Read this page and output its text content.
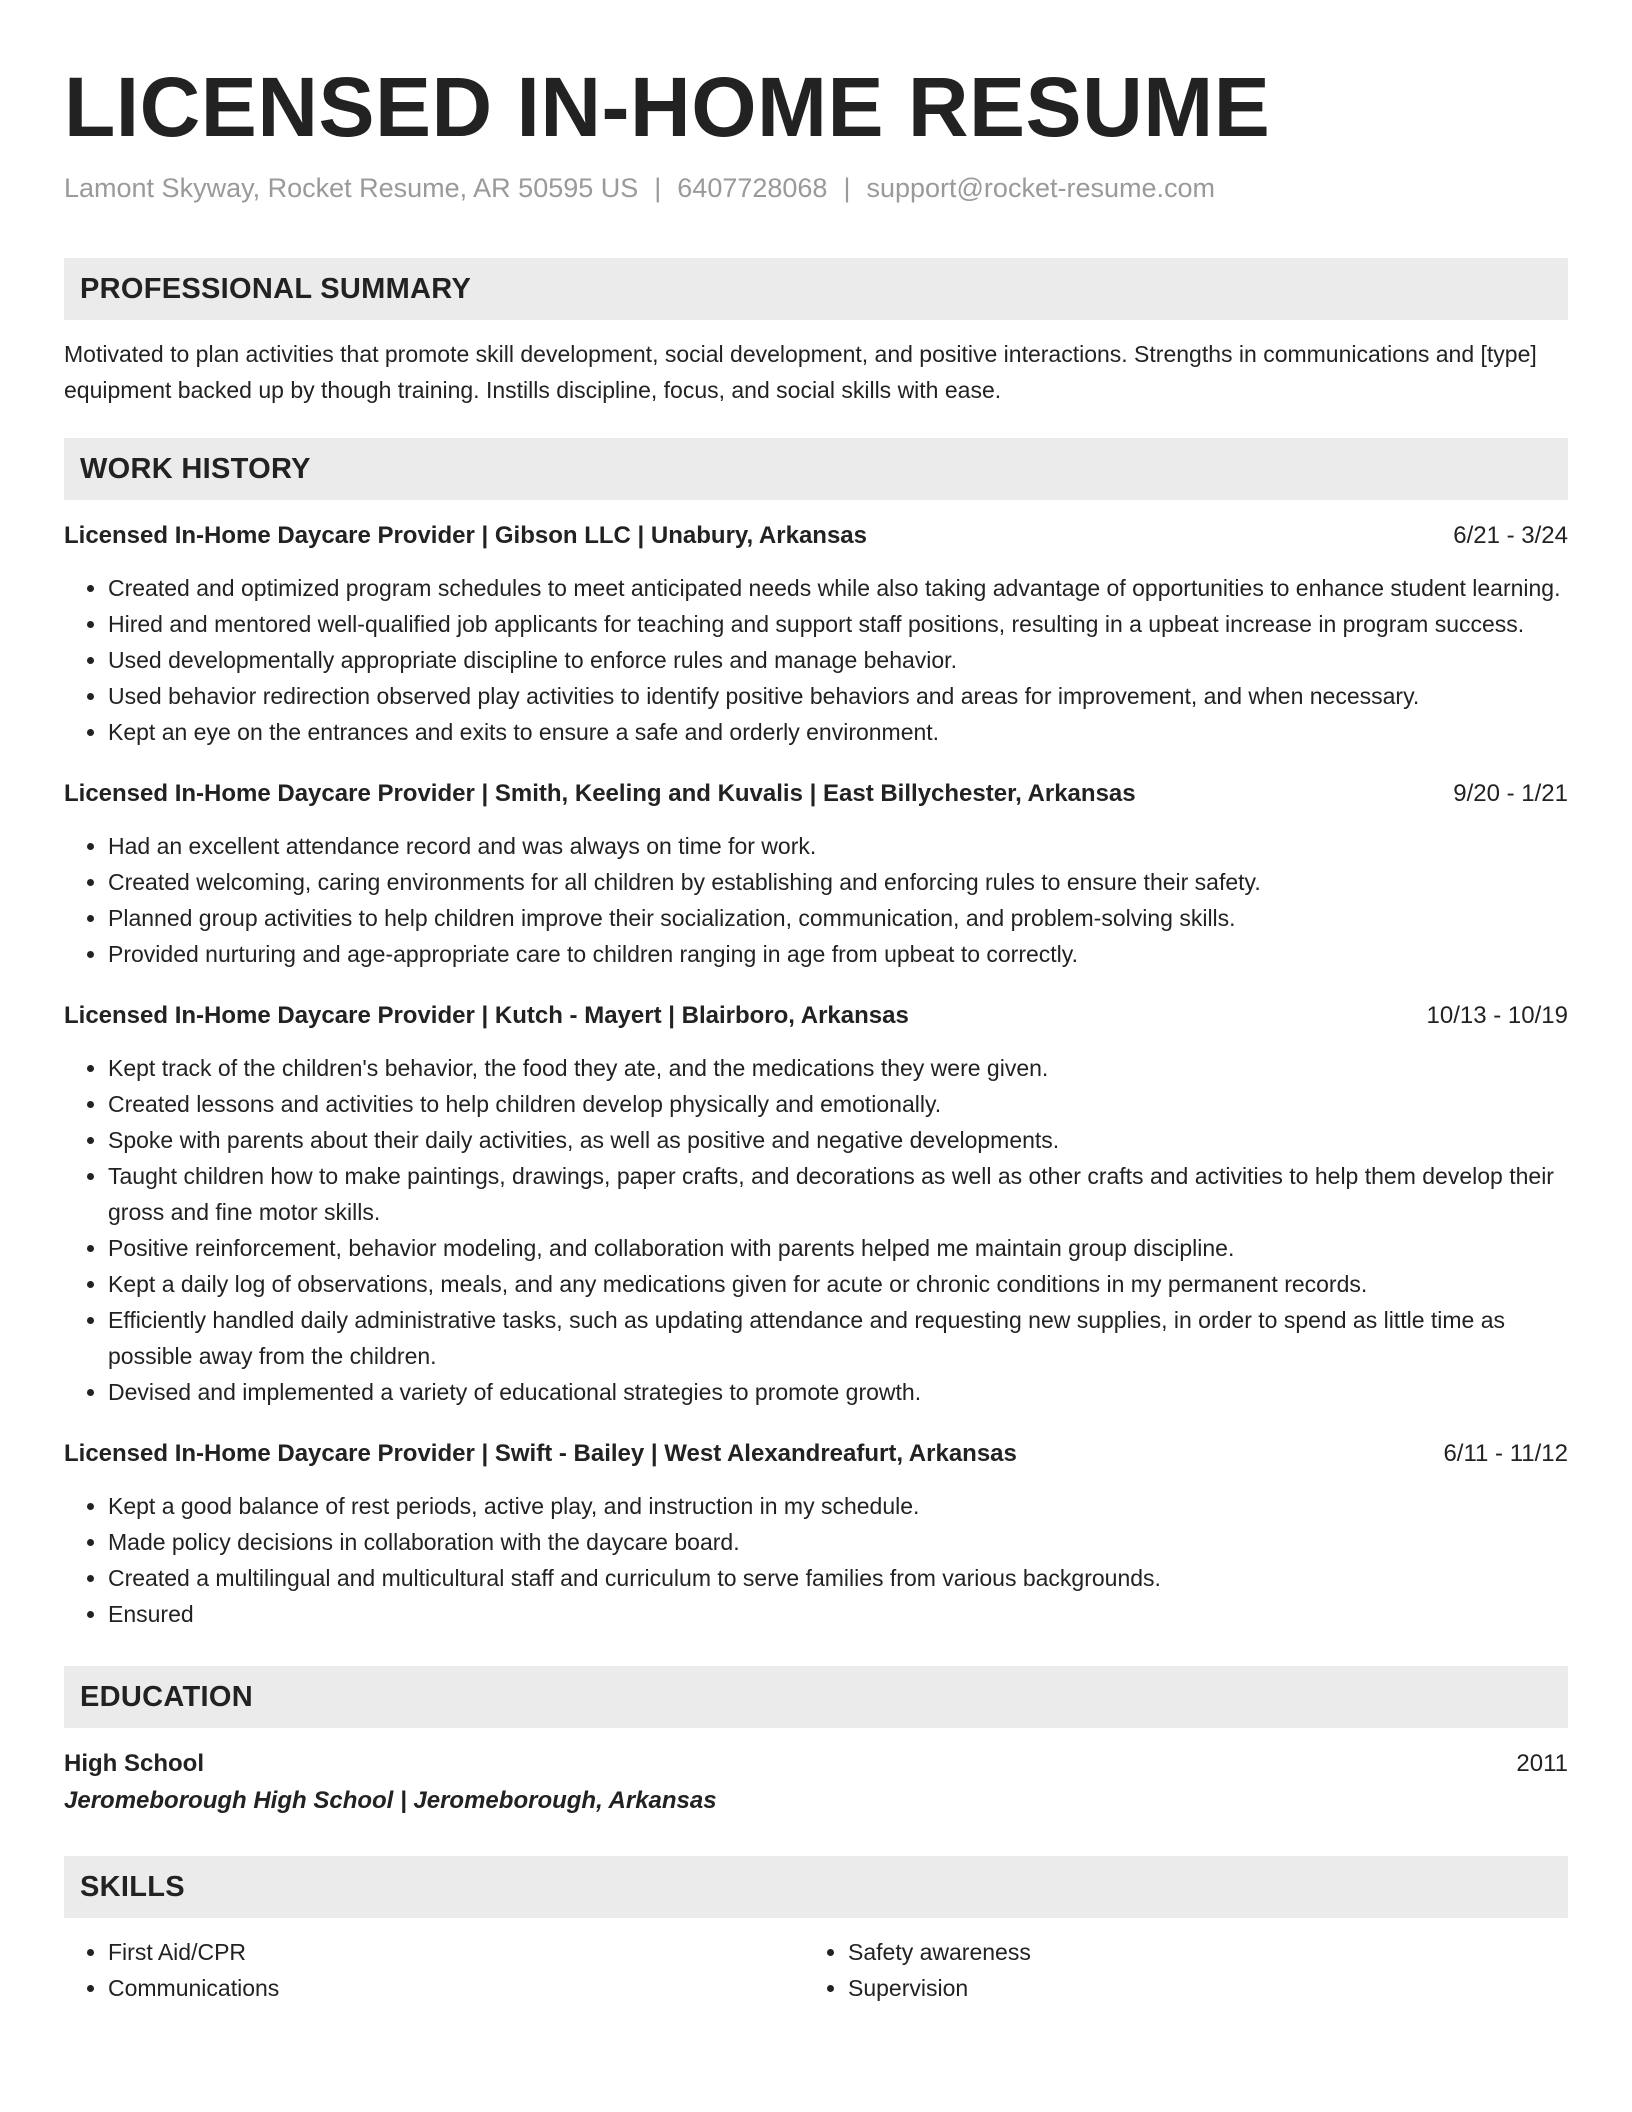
LICENSED IN-HOME RESUME
Lamont Skyway, Rocket Resume, AR 50595 US | 6407728068 | support@rocket-resume.com
PROFESSIONAL SUMMARY

Motivated to plan activities that promote skill development, social development, and positive interactions. Strengths in communications and [type] equipment backed up by though training. Instills discipline, focus, and social skills with ease.

WORK HISTORY
Licensed In-Home Daycare Provider | Gibson LLC | Unabury, Arkansas	6/21 - 3/24
• Created and optimized program schedules to meet anticipated needs while also taking advantage of opportunities to enhance student learning.
• Hired and mentored well-qualified job applicants for teaching and support staff positions, resulting in a upbeat increase in program success.
• Used developmentally appropriate discipline to enforce rules and manage behavior.
• Used behavior redirection observed play activities to identify positive behaviors and areas for improvement, and when necessary.
• Kept an eye on the entrances and exits to ensure a safe and orderly environment.
Licensed In-Home Daycare Provider | Smith, Keeling and Kuvalis | East Billychester, Arkansas	9/20 - 1/21
• Had an excellent attendance record and was always on time for work.
• Created welcoming, caring environments for all children by establishing and enforcing rules to ensure their safety.
• Planned group activities to help children improve their socialization, communication, and problem-solving skills.
• Provided nurturing and age-appropriate care to children ranging in age from upbeat to correctly.
Licensed In-Home Daycare Provider | Kutch - Mayert | Blairboro, Arkansas	10/13 - 10/19
• Kept track of the children's behavior, the food they ate, and the medications they were given.
• Created lessons and activities to help children develop physically and emotionally.
• Spoke with parents about their daily activities, as well as positive and negative developments.
• Taught children how to make paintings, drawings, paper crafts, and decorations as well as other crafts and activities to help them develop their gross and fine motor skills.
• Positive reinforcement, behavior modeling, and collaboration with parents helped me maintain group discipline.
• Kept a daily log of observations, meals, and any medications given for acute or chronic conditions in my permanent records.
• Efficiently handled daily administrative tasks, such as updating attendance and requesting new supplies, in order to spend as little time as possible away from the children.
• Devised and implemented a variety of educational strategies to promote growth.
Licensed In-Home Daycare Provider | Swift - Bailey | West Alexandreafurt, Arkansas	6/11 - 11/12
• Kept a good balance of rest periods, active play, and instruction in my schedule.
• Made policy decisions in collaboration with the daycare board.
• Created a multilingual and multicultural staff and curriculum to serve families from various backgrounds.
• Ensured
EDUCATION
High School	2011
Jeromeborough High School | Jeromeborough, Arkansas
SKILLS
• First Aid/CPR
• Communications
• Safety awareness
• Supervision
